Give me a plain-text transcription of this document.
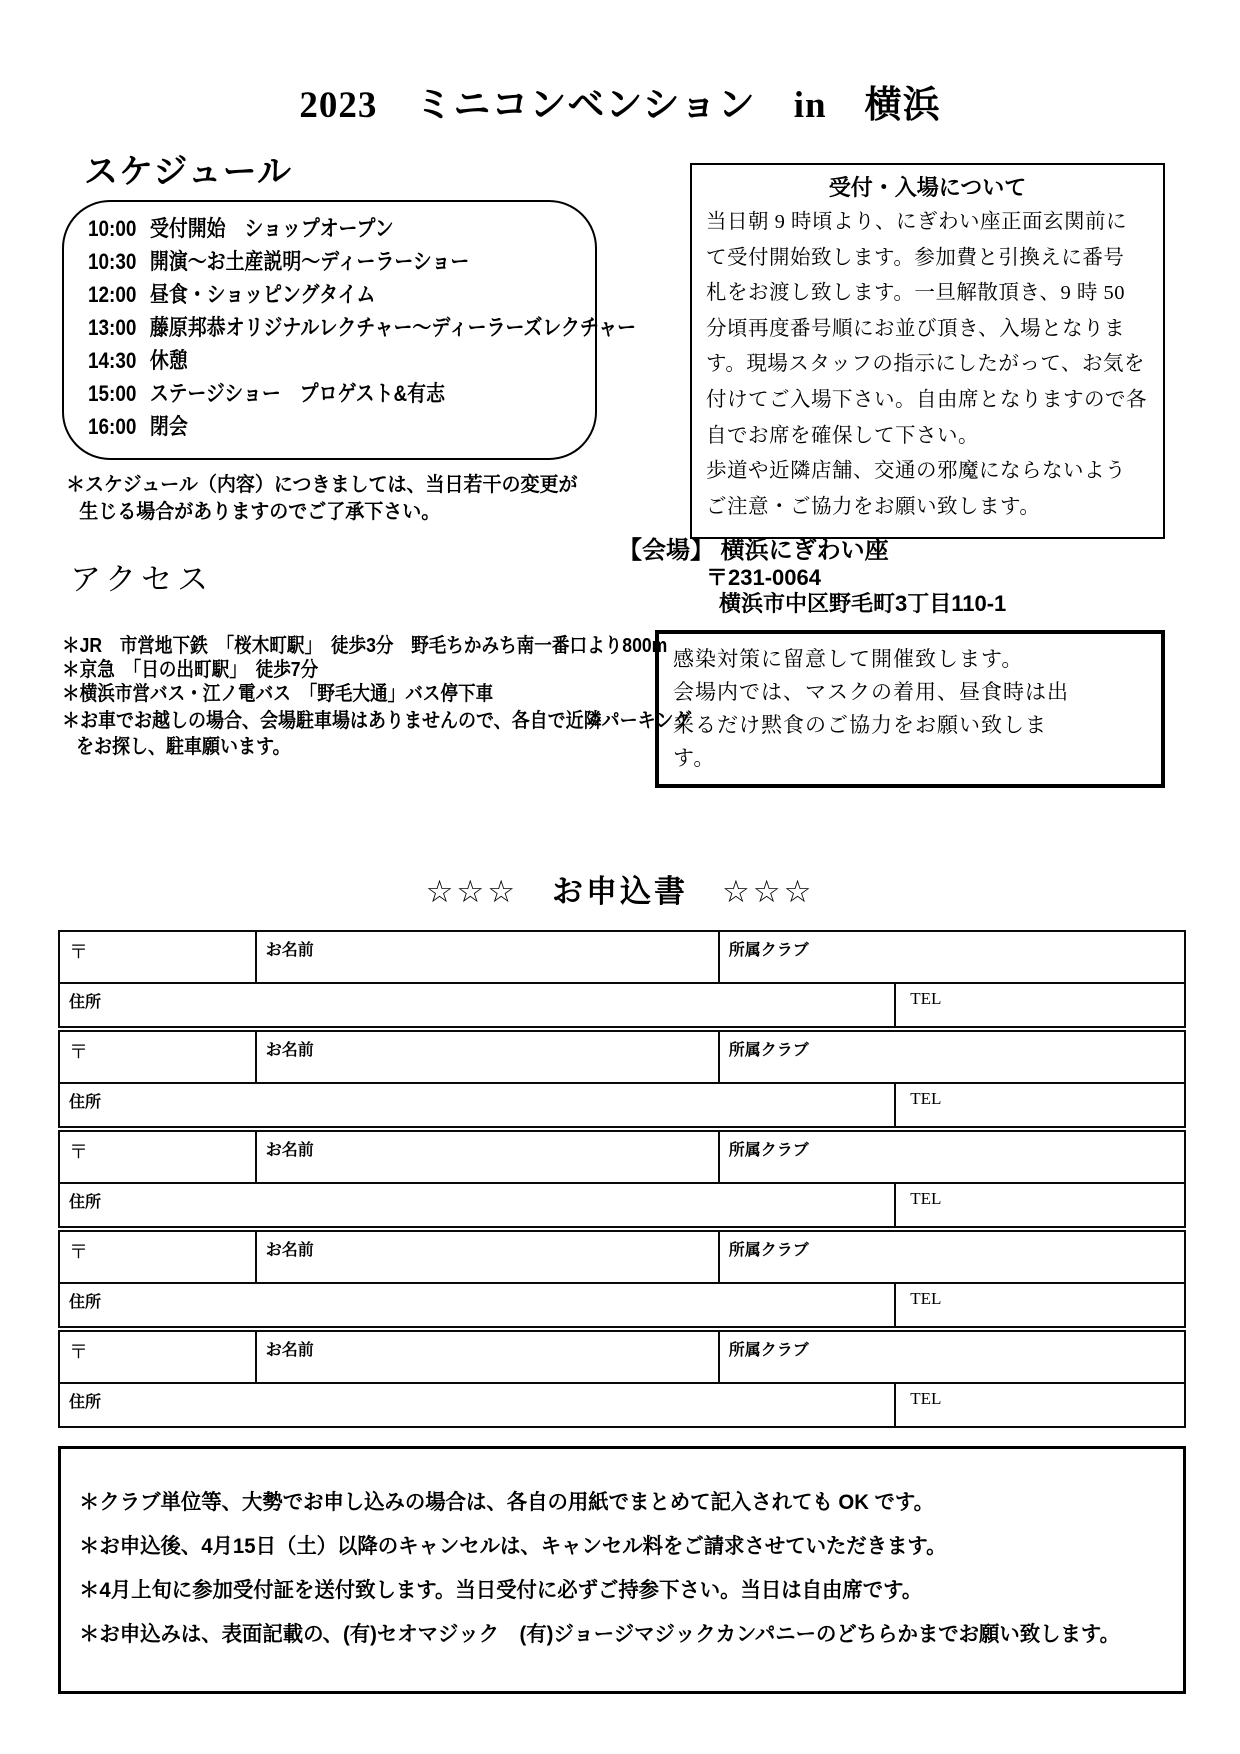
2023　ミニコンベンション　in　横浜
スケジュール
10:00 受付開始　ショップオープン
10:30 開演～お土産説明～ディーラーショー
12:00 昼食・ショッピングタイム
13:00 藤原邦恭オリジナルレクチャー～ディーラーズレクチャー
14:30 休憩
15:00 ステージショー　プロゲスト&有志
16:00 閉会
＊スケジュール（内容）につきましては、当日若干の変更が
生じる場合がありますのでご了承下さい。
受付・入場について
当日朝 9 時頃より、にぎわい座正面玄関前に
て受付開始致します。参加費と引換えに番号
札をお渡し致します。一旦解散頂き、9 時 50
分頃再度番号順にお並び頂き、入場となりま
す。現場スタッフの指示にしたがって、お気を
付けてご入場下さい。自由席となりますので各
自でお席を確保して下さい。
歩道や近隣店舗、交通の邪魔にならないよう
ご注意・ご協力をお願い致します。
【会場】 横浜にぎわい座
〒231-0064
横浜市中区野毛町3丁目110-1
アクセス
＊JR　市営地下鉄　「桜木町駅」　徒歩3分　野毛ちかみち南一番口より800m
＊京急　「日の出町駅」　徒歩7分
＊横浜市営バス・江ノ電バス　「野毛大通」バス停下車
＊お車でお越しの場合、会場駐車場はありませんので、各自で近隣パーキング
をお探し、駐車願います。
感染対策に留意して開催致します。
会場内では、マスクの着用、昼食時は出
来るだけ黙食のご協力をお願い致しま
す。
☆☆☆　お申込書　☆☆☆
〒	お名前	所属クラブ
住所	TEL
〒	お名前	所属クラブ
住所	TEL
〒	お名前	所属クラブ
住所	TEL
〒	お名前	所属クラブ
住所	TEL
〒	お名前	所属クラブ
住所	TEL
＊クラブ単位等、大勢でお申し込みの場合は、各自の用紙でまとめて記入されても OK です。
＊お申込後、4月15日（土）以降のキャンセルは、キャンセル料をご請求させていただきます。
＊4月上旬に参加受付証を送付致します。当日受付に必ずご持参下さい。当日は自由席です。
＊お申込みは、表面記載の、(有)セオマジック　(有)ジョージマジックカンパニーのどちらかまでお願い致します。
